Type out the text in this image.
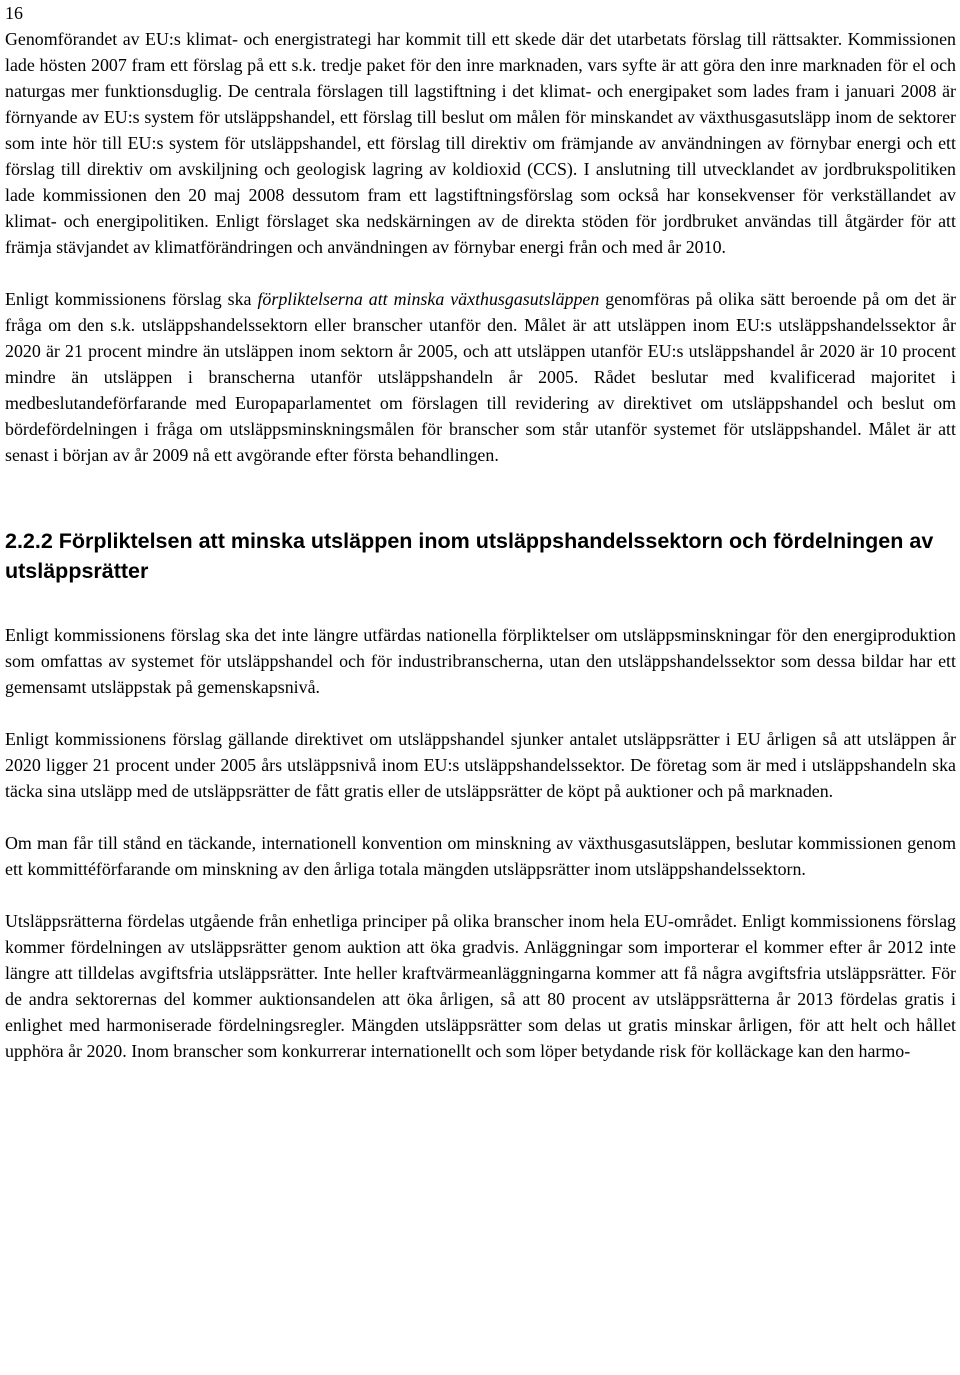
16

Genomförandet av EU:s klimat- och energistrategi har kommit till ett skede där det utarbetats förslag till rättsakter. Kommissionen lade hösten 2007 fram ett förslag på ett s.k. tredje paket för den inre marknaden, vars syfte är att göra den inre marknaden för el och naturgas mer funktionsduglig. De centrala förslagen till lagstiftning i det klimat- och energipaket som lades fram i januari 2008 är förnyande av EU:s system för utsläppshandel, ett förslag till beslut om målen för minskandet av växthusgasutsläpp inom de sektorer som inte hör till EU:s system för utsläppshandel, ett förslag till direktiv om främjande av användningen av förnybar energi och ett förslag till direktiv om avskiljning och geologisk lagring av koldioxid (CCS). I anslutning till utvecklandet av jordbrukspolitiken lade kommissionen den 20 maj 2008 dessutom fram ett lagstiftningsförslag som också har konsekvenser för verkställandet av klimat- och energipolitiken. Enligt förslaget ska nedskärningen av de direkta stöden för jordbruket användas till åtgärder för att främja stävjandet av klimatförändringen och användningen av förnybar energi från och med år 2010.

Enligt kommissionens förslag ska förpliktelserna att minska växthusgasutsläppen genomföras på olika sätt beroende på om det är fråga om den s.k. utsläppshandelssektorn eller branscher utanför den. Målet är att utsläppen inom EU:s utsläppshandelssektor år 2020 är 21 procent mindre än utsläppen inom sektorn år 2005, och att utsläppen utanför EU:s utsläppshandel år 2020 är 10 procent mindre än utsläppen i branscherna utanför utsläppshandeln år 2005. Rådet beslutar med kvalificerad majoritet i medbeslutandeförfarande med Europaparlamentet om förslagen till revidering av direktivet om utsläppshandel och beslut om bördefördelningen i fråga om utsläppsminskningsmålen för branscher som står utanför systemet för utsläppshandel. Målet är att senast i början av år 2009 nå ett avgörande efter första behandlingen.

2.2.2 Förpliktelsen att minska utsläppen inom utsläppshandelssektorn och fördelningen av utsläppsrätter

Enligt kommissionens förslag ska det inte längre utfärdas nationella förpliktelser om utsläppsminskningar för den energiproduktion som omfattas av systemet för utsläppshandel och för industribranscherna, utan den utsläppshandelssektor som dessa bildar har ett gemensamt utsläppstak på gemenskapsnivå.

Enligt kommissionens förslag gällande direktivet om utsläppshandel sjunker antalet utsläppsrätter i EU årligen så att utsläppen år 2020 ligger 21 procent under 2005 års utsläppsnivå inom EU:s utsläppshandelssektor. De företag som är med i utsläppshandeln ska täcka sina utsläpp med de utsläppsrätter de fått gratis eller de utsläppsrätter de köpt på auktioner och på marknaden.

Om man får till stånd en täckande, internationell konvention om minskning av växthusgasutsläppen, beslutar kommissionen genom ett kommittéförfarande om minskning av den årliga totala mängden utsläppsrätter inom utsläppshandelssektorn.

Utsläppsrätterna fördelas utgående från enhetliga principer på olika branscher inom hela EU-området. Enligt kommissionens förslag kommer fördelningen av utsläppsrätter genom auktion att öka gradvis. Anläggningar som importerar el kommer efter år 2012 inte längre att tilldelas avgiftsfria utsläppsrätter. Inte heller kraftvärmeanläggningarna kommer att få några avgiftsfria utsläppsrätter. För de andra sektorernas del kommer auktionsandelen att öka årligen, så att 80 procent av utsläppsrätterna år 2013 fördelas gratis i enlighet med harmoniserade fördelningsregler. Mängden utsläppsrätter som delas ut gratis minskar årligen, för att helt och hållet upphöra år 2020. Inom branscher som konkurrerar internationellt och som löper betydande risk för kolläckage kan den harmo-
